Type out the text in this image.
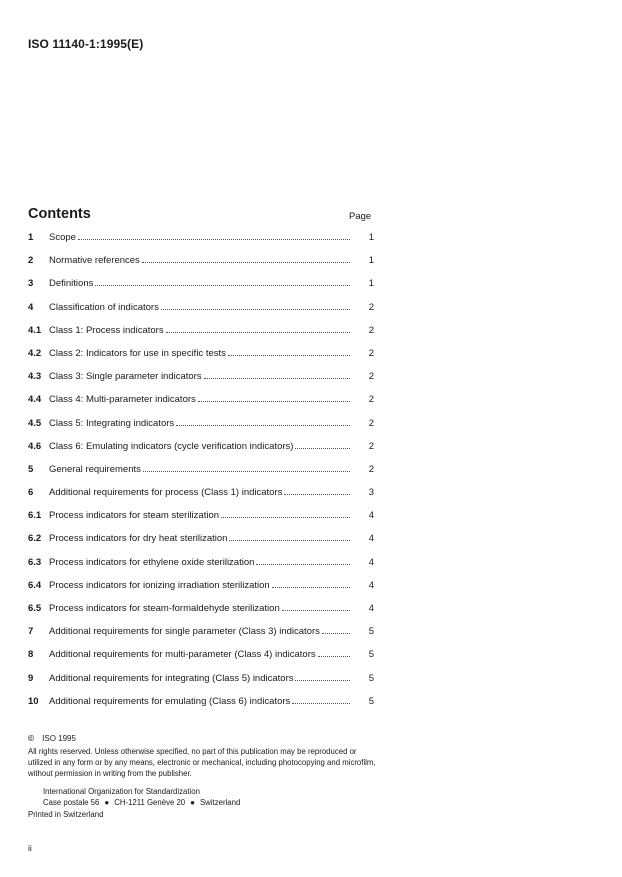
ISO 11140-1:1995(E)
Contents	Page
1	Scope	1
2	Normative references	1
3	Definitions	1
4	Classification of indicators	2
4.1 Class 1: Process indicators	2
4.2 Class 2: Indicators for use in specific tests	2
4.3 Class 3: Single parameter indicators	2
4.4 Class 4: Multi-parameter indicators	2
4.5 Class 5: Integrating indicators	2
4.6 Class 6: Emulating indicators (cycle verification indicators)	2
5	General requirements	2
6	Additional requirements for process (Class 1) indicators	3
6.1 Process indicators for steam sterilization	4
6.2 Process indicators for dry heat sterilization	4
6.3 Process indicators for ethylene oxide sterilization	4
6.4 Process indicators for ionizing irradiation sterilization	4
6.5 Process indicators for steam-formaldehyde sterilization	4
7	Additional requirements for single parameter (Class 3) indicators	5
8	Additional requirements for multi-parameter (Class 4) indicators	5
9	Additional requirements for integrating (Class 5) indicators	5
10	Additional requirements for emulating (Class 6) indicators	5
© ISO 1995
All rights reserved. Unless otherwise specified, no part of this publication may be reproduced or utilized in any form or by any means, electronic or mechanical, including photocopying and microfilm, without permission in writing from the publisher.
International Organization for Standardization
Case postale 56 ● CH-1211 Genève 20 ● Switzerland
Printed in Switzerland
ii
